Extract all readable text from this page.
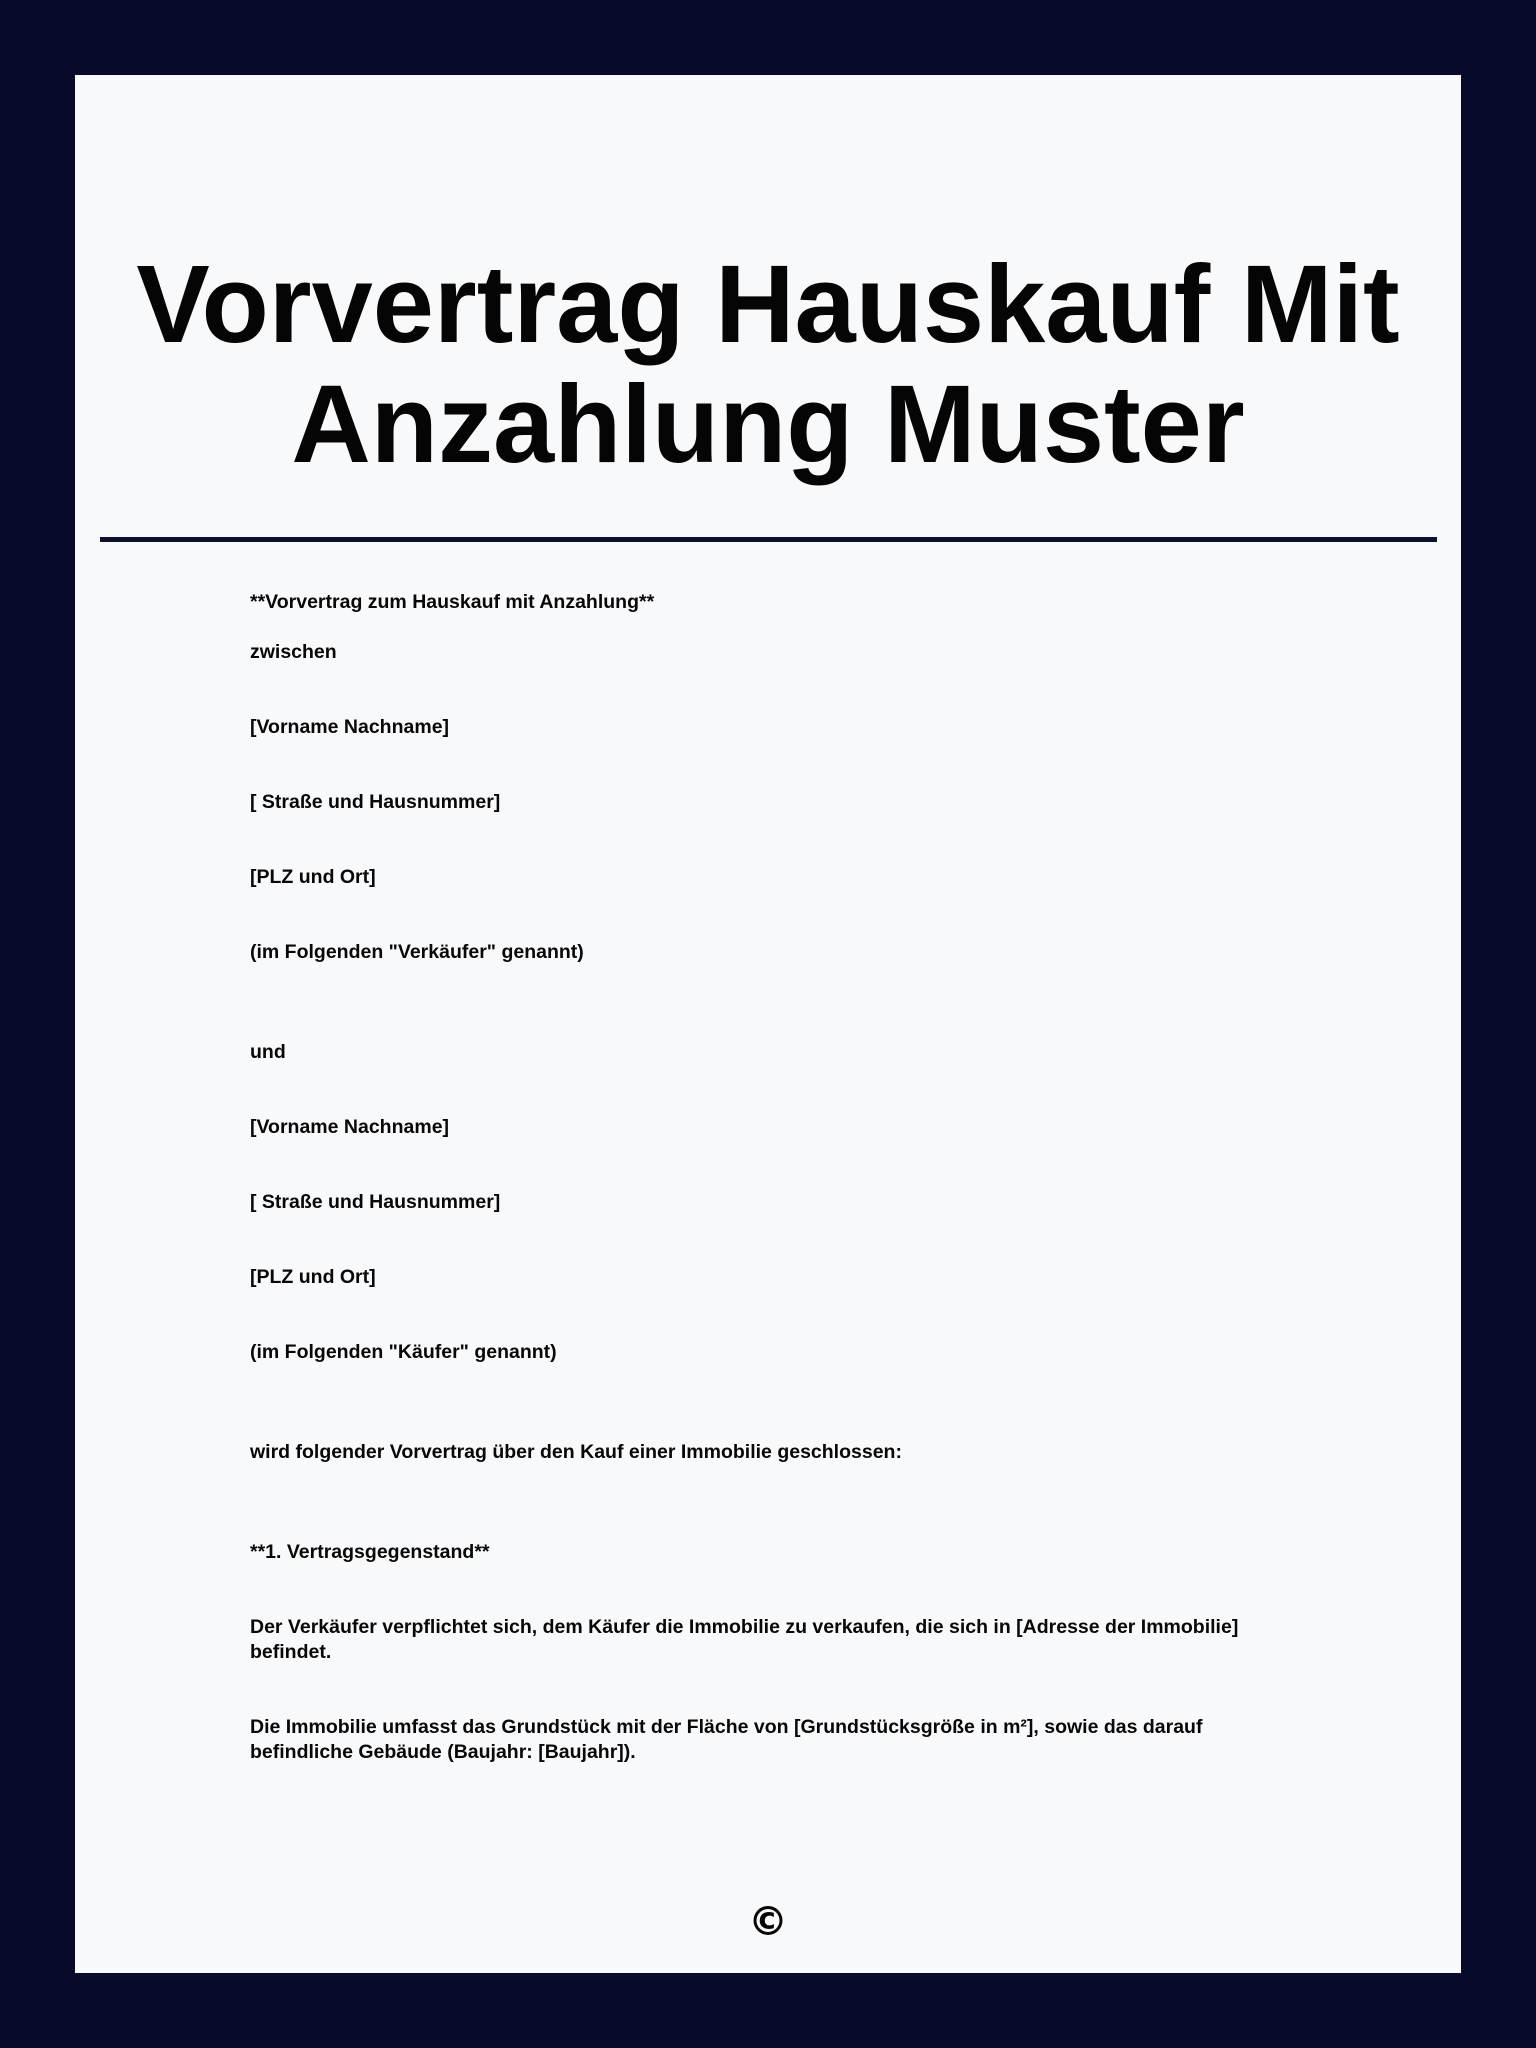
Vorvertrag Hauskauf Mit Anzahlung Muster

**Vorvertrag zum Hauskauf mit Anzahlung**

zwischen

[Vorname Nachname]

[ Straße und Hausnummer]

[PLZ und Ort]

(im Folgenden "Verkäufer" genannt)

und

[Vorname Nachname]

[ Straße und Hausnummer]

[PLZ und Ort]

(im Folgenden "Käufer" genannt)

wird folgender Vorvertrag über den Kauf einer Immobilie geschlossen:

**1. Vertragsgegenstand**

Der Verkäufer verpflichtet sich, dem Käufer die Immobilie zu verkaufen, die sich in [Adresse der Immobilie] befindet.

Die Immobilie umfasst das Grundstück mit der Fläche von [Grundstücksgröße in m²], sowie das darauf befindliche Gebäude (Baujahr: [Baujahr]).

©
